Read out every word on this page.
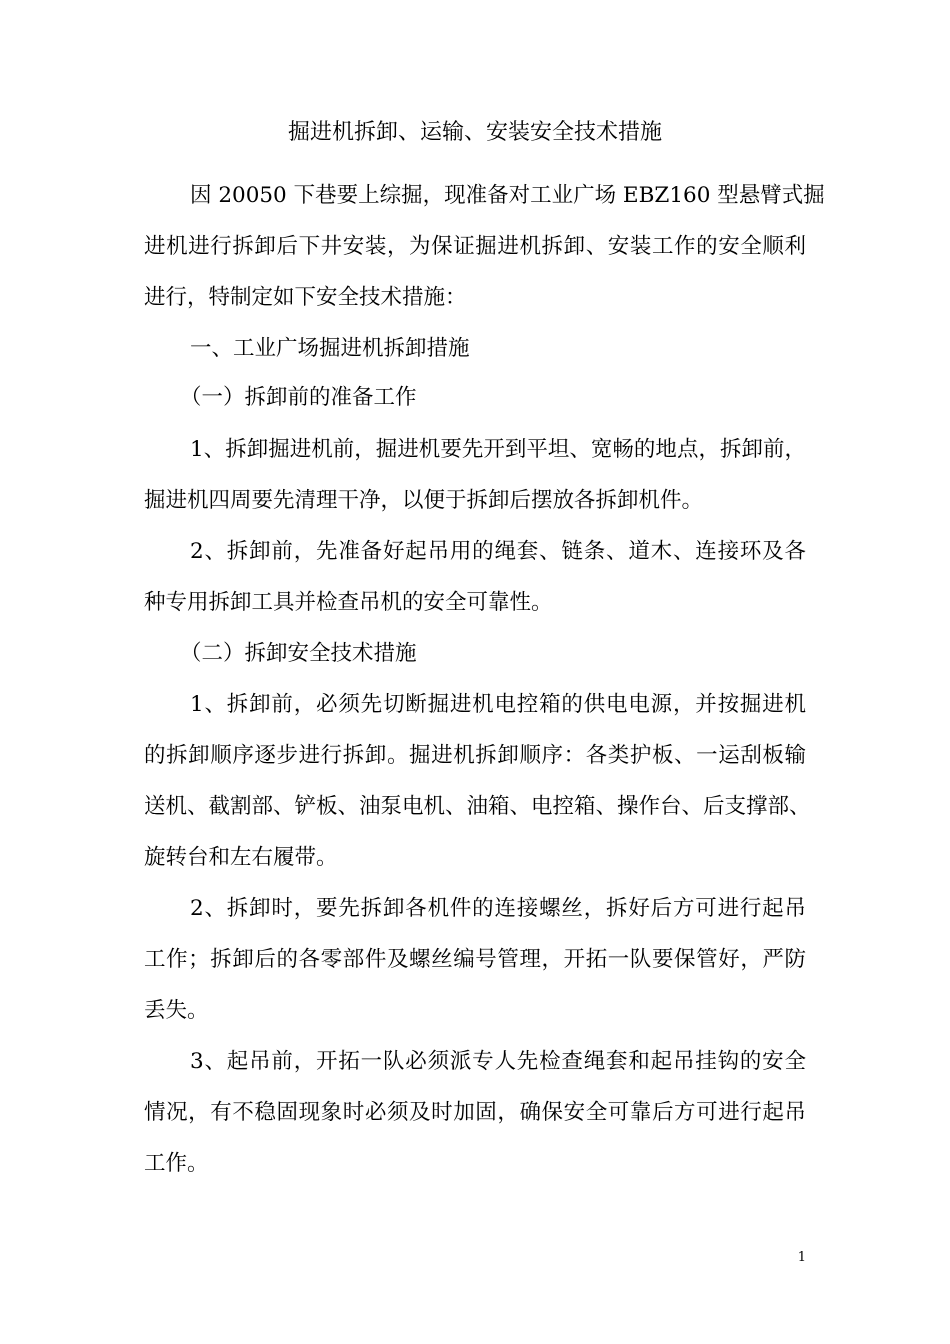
掘进机拆卸、运输、安装安全技术措施
因 20050 下巷要上综掘，现准备对工业广场 EBZ160 型悬臂式掘
进机进行拆卸后下井安装，为保证掘进机拆卸、安装工作的安全顺利
进行，特制定如下安全技术措施：
一、工业广场掘进机拆卸措施
（一）拆卸前的准备工作
1、拆卸掘进机前，掘进机要先开到平坦、宽畅的地点，拆卸前，
掘进机四周要先清理干净，以便于拆卸后摆放各拆卸机件。
2、拆卸前，先准备好起吊用的绳套、链条、道木、连接环及各
种专用拆卸工具并检查吊机的安全可靠性。
（二）拆卸安全技术措施
1、拆卸前，必须先切断掘进机电控箱的供电电源，并按掘进机
的拆卸顺序逐步进行拆卸。掘进机拆卸顺序：各类护板、一运刮板输
送机、截割部、铲板、油泵电机、油箱、电控箱、操作台、后支撑部、
旋转台和左右履带。
2、拆卸时，要先拆卸各机件的连接螺丝，拆好后方可进行起吊
工作；拆卸后的各零部件及螺丝编号管理，开拓一队要保管好，严防
丢失。
3、起吊前，开拓一队必须派专人先检查绳套和起吊挂钩的安全
情况，有不稳固现象时必须及时加固，确保安全可靠后方可进行起吊
工作。
1
